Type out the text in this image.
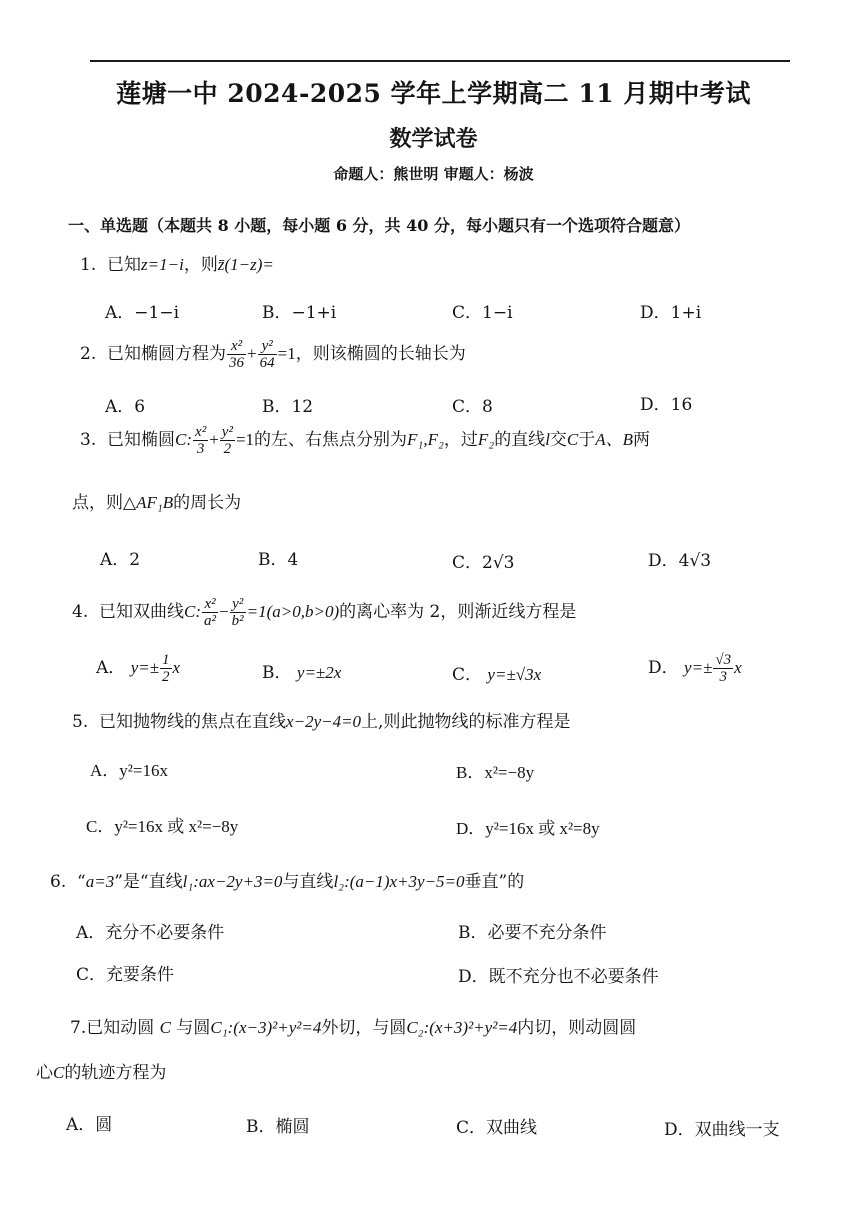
莲塘一中 2024-2025 学年上学期高二 11 月期中考试
数学试卷
命题人：熊世明 审题人：杨波
一、单选题（本题共 8 小题，每小题 6 分，共 40 分，每小题只有一个选项符合题意）
1. 已知z=1−i，则z̄(1−z)=
A．−1−i	B．−1+i	C．1−i	D．1+i
2. 已知椭圆方程为 $\frac{\text{x²}}{36} + \frac{\text{y²}}{64} =1$，则该椭圆的长轴长为
A．6	B．12	C．8	D．16
3. 已知椭圆C: $\frac{\text{x²}}{3} + \frac{\text{y²}}{2} =1$的左、右焦点分别为F₁,F₂，过F₂的直线l交C于A、B两
点，则△AF₁B的周长为
A．2	B．4	C．2√3	D．4√3
4. 已知双曲线C: $\frac{\text{x²}}{\text{a²}} - \frac{\text{y²}}{\text{b²}} =1(a>0,b>0)$的离心率为 2，则渐近线方程是
A． $y=\pm \frac{1}{2}$ x	B． y=±2x	C． y=±√3x	D． $y=\pm \frac{√3}{3}$ x
5. 已知抛物线的焦点在直线x−2y−4=0上,则此抛物线的标准方程是
A．y²=16x	B．x²=−8y
C．y²=16x 或 x²=−8y	D．y²=16x 或 x²=8y
6. “a=3”是“直线l₁:ax−2y+3=0与直线l₂:(a−1)x+3y−5=0垂直”的
A．充分不必要条件	B．必要不充分条件
C．充要条件	D．既不充分也不必要条件
7.已知动圆 C 与圆C₁:(x−3)²+y²=4外切，与圆C₂:(x+3)²+y²=4内切，则动圆圆
心C的轨迹方程为
A．圆	B．椭圆	C．双曲线	D．双曲线一支
